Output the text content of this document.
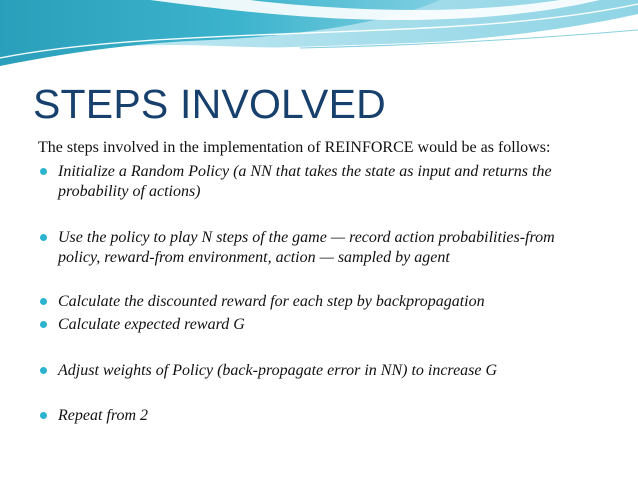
STEPS INVOLVED

The steps involved in the implementation of REINFORCE would be as follows:

Initialize a Random Policy (a NN that takes the state as input and returns the probability of actions)
Use the policy to play N steps of the game — record action probabilities-from policy, reward-from environment, action — sampled by agent
Calculate the discounted reward for each step by backpropagation
Calculate expected reward G
Adjust weights of Policy (back-propagate error in NN) to increase G
Repeat from 2
